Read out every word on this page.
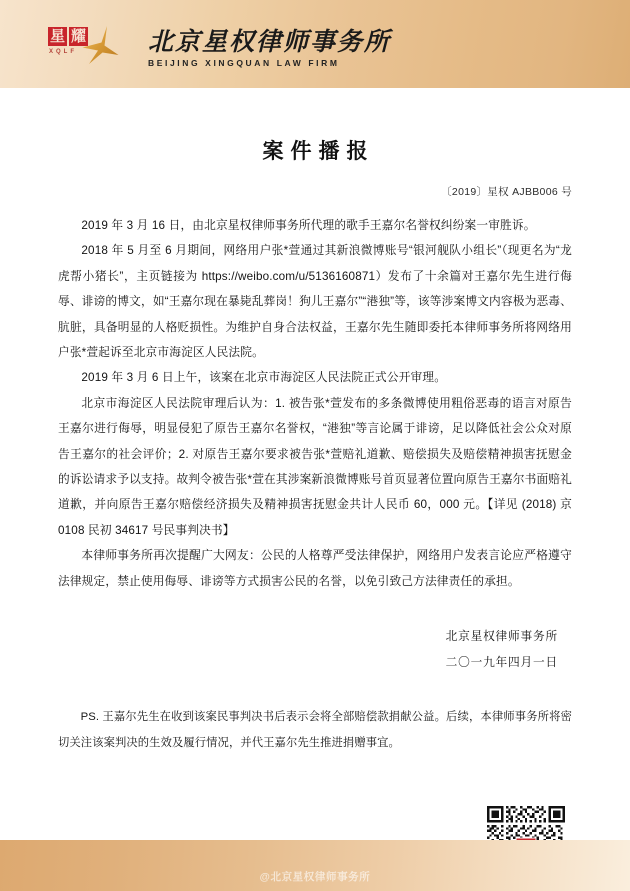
星 耀
XQLF	北京星权律师事务所
BEIJING XINGQUAN LAW FIRM
案件播报
〔2019〕星权 AJBB006 号

2019 年 3 月 16 日，由北京星权律师事务所代理的歌手王嘉尔名誉权纠纷案一审胜诉。

2018 年 5 月至 6 月期间，网络用户张*萱通过其新浪微博账号“银河舰队小组长”（现更名为“龙虎帮小猪长”，主页链接为 https://weibo.com/u/5136160871）发布了十余篇对王嘉尔先生进行侮辱、诽谤的博文，如“王嘉尔现在暴毙乱葬岗！狗儿王嘉尔”“港独”等，该等涉案博文内容极为恶毒、肮脏，具备明显的人格贬损性。为维护自身合法权益，王嘉尔先生随即委托本律师事务所将网络用户张*萱起诉至北京市海淀区人民法院。

2019 年 3 月 6 日上午，该案在北京市海淀区人民法院正式公开审理。

北京市海淀区人民法院审理后认为：1. 被告张*萱发布的多条微博使用粗俗恶毒的语言对原告王嘉尔进行侮辱，明显侵犯了原告王嘉尔名誉权，“港独”等言论属于诽谤，足以降低社会公众对原告王嘉尔的社会评价；2. 对原告王嘉尔要求被告张*萱赔礼道歉、赔偿损失及赔偿精神损害抚慰金的诉讼请求予以支持。故判令被告张*萱在其涉案新浪微博账号首页显著位置向原告王嘉尔书面赔礼道歉，并向原告王嘉尔赔偿经济损失及精神损害抚慰金共计人民币 60，000 元。【详见 (2018) 京 0108 民初 34617 号民事判决书】

本律师事务所再次提醒广大网友：公民的人格尊严受法律保护，网络用户发表言论应严格遵守法律规定，禁止使用侮辱、诽谤等方式损害公民的名誉，以免引致己方法律责任的承担。

北京星权律师事务所
二〇一九年四月一日
PS. 王嘉尔先生在收到该案民事判决书后表示会将全部赔偿款捐献公益。后续，本律师事务所将密切关注该案判决的生效及履行情况，并代王嘉尔先生推进捐赠事宜。
@北京星权律师事务所
